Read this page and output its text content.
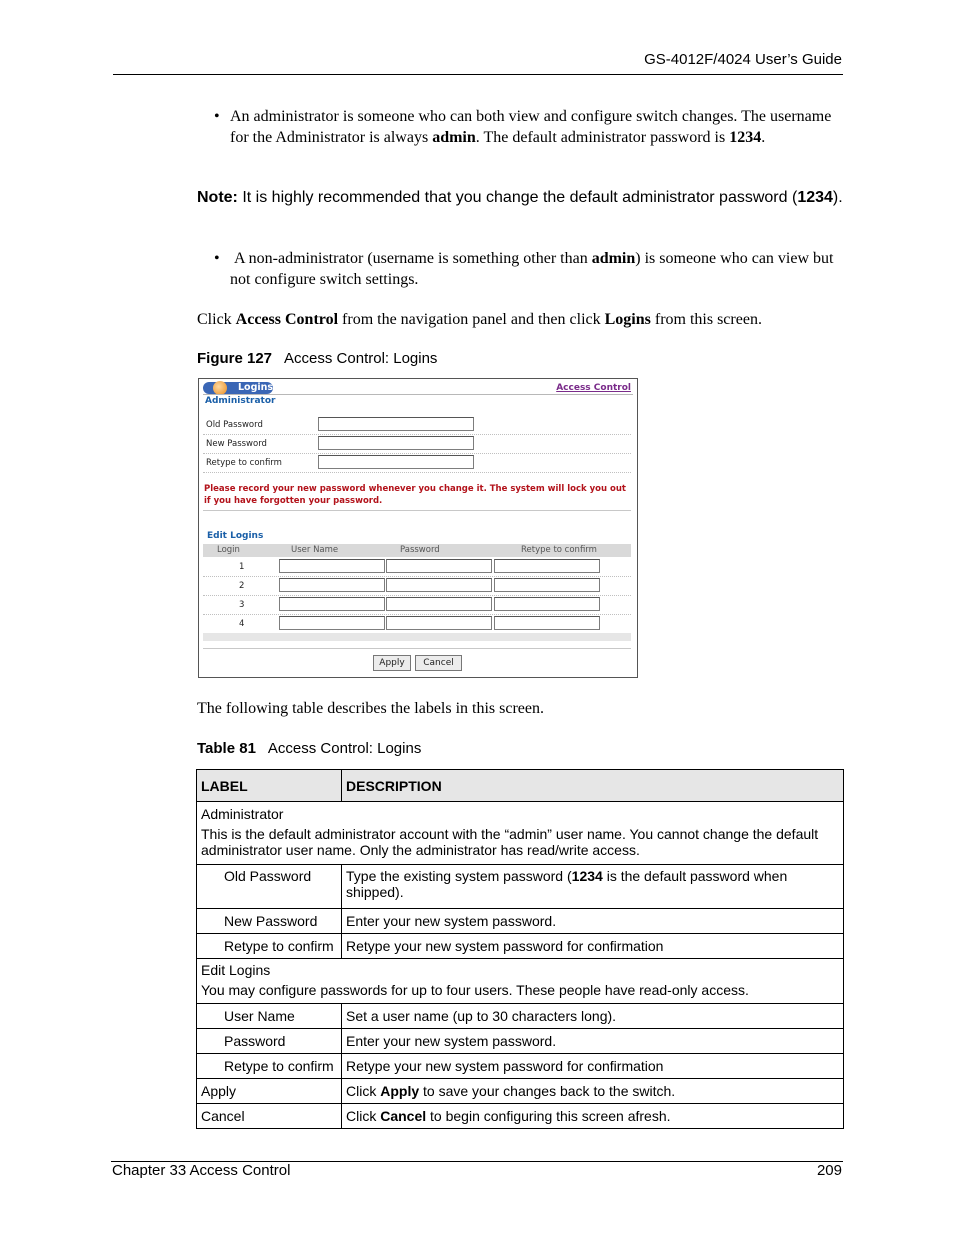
GS-4012F/4024 User’s Guide
• An administrator is someone who can both view and configure switch changes. The username for the Administrator is always admin. The default administrator password is 1234.
Note: It is highly recommended that you change the default administrator password (1234).
• A non-administrator (username is something other than admin) is someone who can view but not configure switch settings.
Click Access Control from the navigation panel and then click Logins from this screen.
Figure 127 Access Control: Logins
Logins	Access Control
Administrator
Old Password
New Password
Retype to confirm
Please record your new password whenever you change it. The system will lock you out if you have forgotten your password.
Edit Logins
Login	User Name	Password	Retype to confirm
1
2
3
4
Apply	Cancel
The following table describes the labels in this screen.
Table 81 Access Control: Logins
LABEL	DESCRIPTION
Administrator
This is the default administrator account with the “admin” user name. You cannot change the default administrator user name. Only the administrator has read/write access.	

Old Password	Type the existing system password (1234 is the default password when shipped).
New Password	Enter your new system password.
Retype to confirm	Retype your new system password for confirmation
Edit Logins
You may configure passwords for up to four users. These people have read-only access.	

User Name	Set a user name (up to 30 characters long).
Password	Enter your new system password.
Retype to confirm	Retype your new system password for confirmation
Apply	Click Apply to save your changes back to the switch.
Cancel	Click Cancel to begin configuring this screen afresh.
Chapter 33 Access Control	209
